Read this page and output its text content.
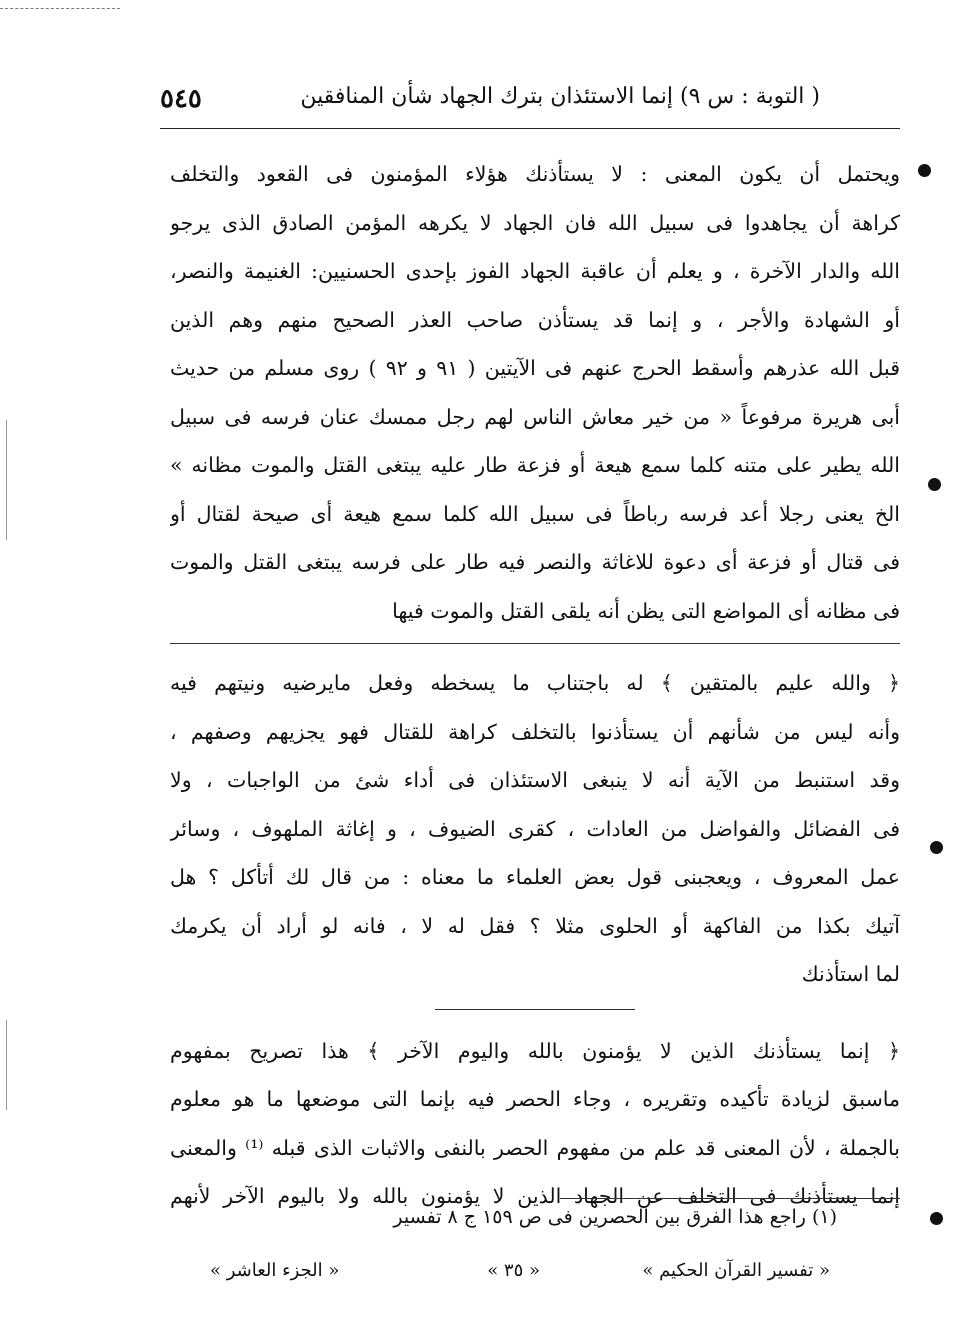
( التوبة : س ٩) إنما الاستئذان بترك الجهاد شأن المنافقين
٥٤٥
ويحتمل أن يكون المعنى : لا يستأذنك هؤلاء المؤمنون فى القعود والتخلف
كراهة أن يجاهدوا فى سبيل الله فان الجهاد لا يكرهه المؤمن الصادق الذى يرجو
الله والدار الآخرة ، و يعلم أن عاقبة الجهاد الفوز بإحدى الحسنيين: الغنيمة والنصر،
أو الشهادة والأجر ، و إنما قد يستأذن صاحب العذر الصحيح منهم وهم الذين
قبل الله عذرهم وأسقط الحرج عنهم فى الآيتين ( ٩١ و ٩٢ ) روى مسلم من حديث
أبى هريرة مرفوعاً « من خير معاش الناس لهم رجل ممسك عنان فرسه فى سبيل
الله يطير على متنه كلما سمع هيعة أو فزعة طار عليه يبتغى القتل والموت مظانه »
الخ يعنى رجلا أعد فرسه رباطاً فى سبيل الله كلما سمع هيعة أى صيحة لقتال أو
فى قتال أو فزعة أى دعوة للاغاثة والنصر فيه طار على فرسه يبتغى القتل والموت
فى مظانه أى المواضع التى يظن أنه يلقى القتل والموت فيها
﴿ والله عليم بالمتقين ﴾ له باجتناب ما يسخطه وفعل مايرضيه ونيتهم فيه
وأنه ليس من شأنهم أن يستأذنوا بالتخلف كراهة للقتال فهو يجزيهم وصفهم ،
وقد استنبط من الآية أنه لا ينبغى الاستئذان فى أداء شئ من الواجبات ، ولا
فى الفضائل والفواضل من العادات ، كقرى الضيوف ، و إغاثة الملهوف ، وسائر
عمل المعروف ، ويعجبنى قول بعض العلماء ما معناه : من قال لك أتأكل ؟ هل
آتيك بكذا من الفاكهة أو الحلوى مثلا ؟ فقل له لا ، فانه لو أراد أن يكرمك
لما استأذنك
﴿ إنما يستأذنك الذين لا يؤمنون بالله واليوم الآخر ﴾ هذا تصريح بمفهوم
ماسبق لزيادة تأكيده وتقريره ، وجاء الحصر فيه بإنما التى موضعها ما هو معلوم
بالجملة ، لأن المعنى قد علم من مفهوم الحصر بالنفى والاثبات الذى قبله ⁽¹⁾ والمعنى
إنما يستأذنك فى التخلف عن الجهاد الذين لا يؤمنون بالله ولا باليوم الآخر لأنهم
(١) راجع هذا الفرق بين الحصرين فى ص ١٥٩ ج ٨ تفسير
« تفسير القرآن الحكيم »
« ٣٥ »
« الجزء العاشر »
